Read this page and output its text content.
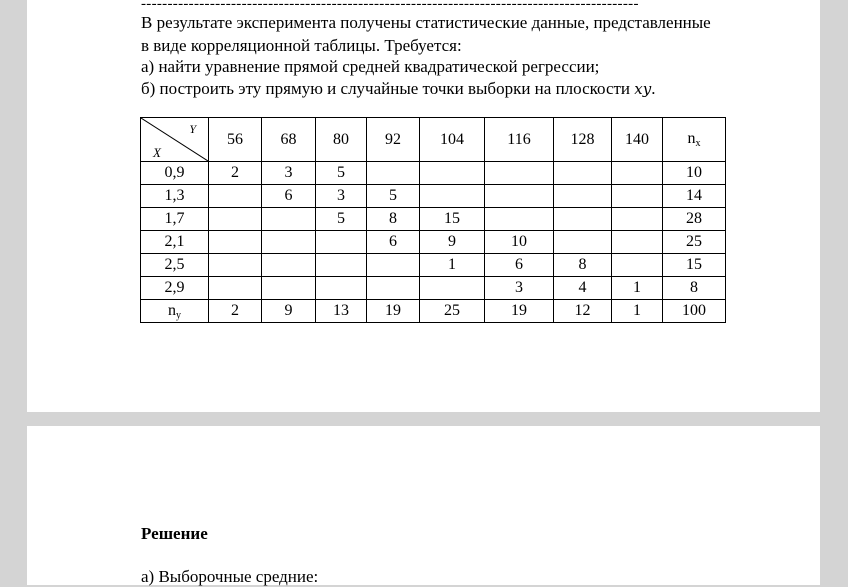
----------------------------------------------------------------------------------------------
В результате эксперимента получены статистические данные, представленные
в виде корреляционной таблицы. Требуется:
а) найти уравнение прямой средней квадратической регрессии;
б) построить эту прямую и случайные точки выборки на плоскости 𝑥𝑦.
Y
X	56	68	80	92	104	116	128	140	$n_x$
0,9	2	3	5						10
1,3		6	3	5					14
1,7			5	8	15				28
2,1				6	9	10			25
2,5					1	6	8		15
2,9						3	4	1	8
$n_y$	2	9	13	19	25	19	12	1	100
Решение
а) Выборочные средние:
